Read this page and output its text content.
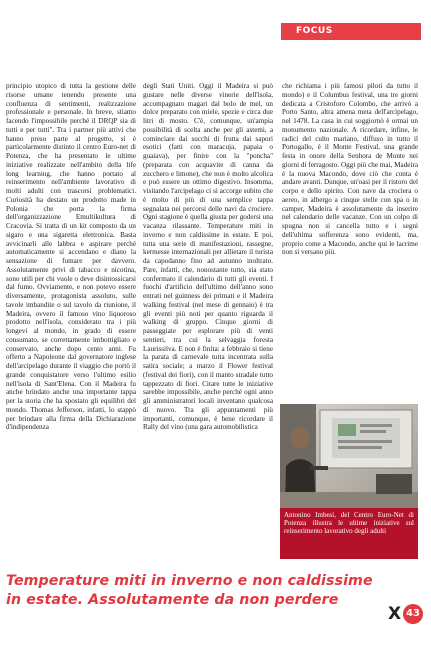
FOCUS

principio utopico di tutta la gestione delle risorse umane tenendo presente una confluenza di sentimenti, realizzazione professionale e personale. In breve, stiamo facendo l'impossibile perché il DRQP sia di tutti e per tutti". Tra i partner più attivi che hanno preso parte al progetto, si è particolarmente distinto il centro Euro-net di Potenza, che ha presentato le ultime iniziative realizzate nell'ambito della life long learning, che hanno portato al reinserimento nell'ambiente lavorativo di molti adulti con trascorsi problematici. Curiosità ha destato un prodotto made in Polonia che porta la firma dell'organizzazione Emultikultura di Cracovia. Si tratta di un kit composto da un sigaro e una sigaretta elettronica. Basta avvicinarli alle labbra e aspirare perché automaticamente si accendano e diano la sensazione di fumare per davvero. Assolutamente privi di tabacco e nicotina, sono utili per chi vuole o deve disintossicarsi dal fumo. Ovviamente, e non potevo essere diversamente, protagonista assoluto, sulle tavole imbandite o sul tavolo da riunione, il Madeira, ovvero il famoso vino liquoroso prodotto nell'isola, considerato tra i più longevi al mondo, in grado di essere consumato, se correttamente imbottigliato e conservato, anche dopo cento anni. Fu offerto a Napoleone dal governatore inglese dell'arcipelago durante il viaggio che portò il grande conquistatore verso l'ultimo esilio nell'isola di Sant'Elena. Con il Madeira fu anche brindato anche una importante tappa per la storia che ha spostato gli equilibri del mondo. Thomas Jefferson, infatti, lo stappò per brindare alla firma della Dichiarazione d'indipendenza

degli Stati Uniti. Oggi il Madeira si può gustare nelle diverse vinerie dell'isola, accompagnato magari dal bolo de mel, un dolce preparato con miele, spezie e circa due litri di mosto. C'è, comunque, un'ampia possibilità di scelta anche per gli astemi, a cominciare dai succhi di frutta dai sapori esotici (fatti con maracuja, papaia o guaiava), per finire con la "poncha" (preparata con acquavite di canna da zucchero e limone), che non è molto alcolica e può essere un ottimo digestivo. Insomma, visitando l'arcipelago ci si accorge subito che è molto di più di una semplice tappa segnalata nei percorsi delle navi da crociere. Ogni stagione è quella giusta per godersi una vacanza rilassante. Temperature miti in inverno e non caldissime in estate. E poi, tutta una serie di manifestazioni, rassegne, kermesse internazionali per allietare il turista da capodanno fino ad autunno inoltrato. Pare, infatti, che, nonostante tutto, sia stato confermato il calendario di tutti gli eventi. I fuochi d'artificio dell'ultimo dell'anno sono entrati nel guinness dei primati e il Madeira walking festival (nel mese di gennaio) è tra gli eventi più noti per quanto riguarda il walking di gruppo. Cinque giorni di passeggiate per esplorare più di venti sentieri, tra cui la selvaggia foresta Laurissilva. E non è finita: a febbraio si tiene la parata di carnevale tutta incentrata sulla satira sociale; a marzo il Flower festival (festival dei fiori), con il manto stradale tutto tappezzato di fiori. Citare tutte le iniziative sarebbe impossibile, anche perché ogni anno gli amministratori locali inventano qualcosa di nuovo. Tra gli appuntamenti più importanti, comunque, è bene ricordare il Rally del vino (una gara automobilistica

che richiama i più famosi piloti da tutto il mondo) e il Columbus festival, una tre giorni dedicata a Cristoforo Colombo, che arrivò a Porto Santo, altra amena meta dell'arcipelago, nel 1478. La casa in cui soggiornò è ormai un monumento nazionale. A ricordare, infine, le radici del culto mariano, diffuso in tutto il Portogallo, è il Monte Festival, una grande festa in onore della Senhora de Monte nei giorni di ferragosto. Oggi più che mai, Madeira è la nuova Macondo, dove ciò che conta è andare avanti. Dunque, un'oasi per il ristoro del corpo e dello spirito. Con nave da crociera o aereo, in albergo a cinque stelle con spa o in camper, Madeira è assolutamente da inserire nel calendario delle vacanze. Con un colpo di spugna non si cancella tutto e i segni dell'ultima sofferenza sono evidenti, ma, proprio come a Macondo, anche qui le lacrime non si versano più.

Antonino Imbesi, del Centro Euro-Net di Potenza illustra le ultime iniziative sul reinserimento lavorativo degli adulti
Temperature miti in inverno e non caldissime
in estate. Assolutamente da non perdere
X 43
